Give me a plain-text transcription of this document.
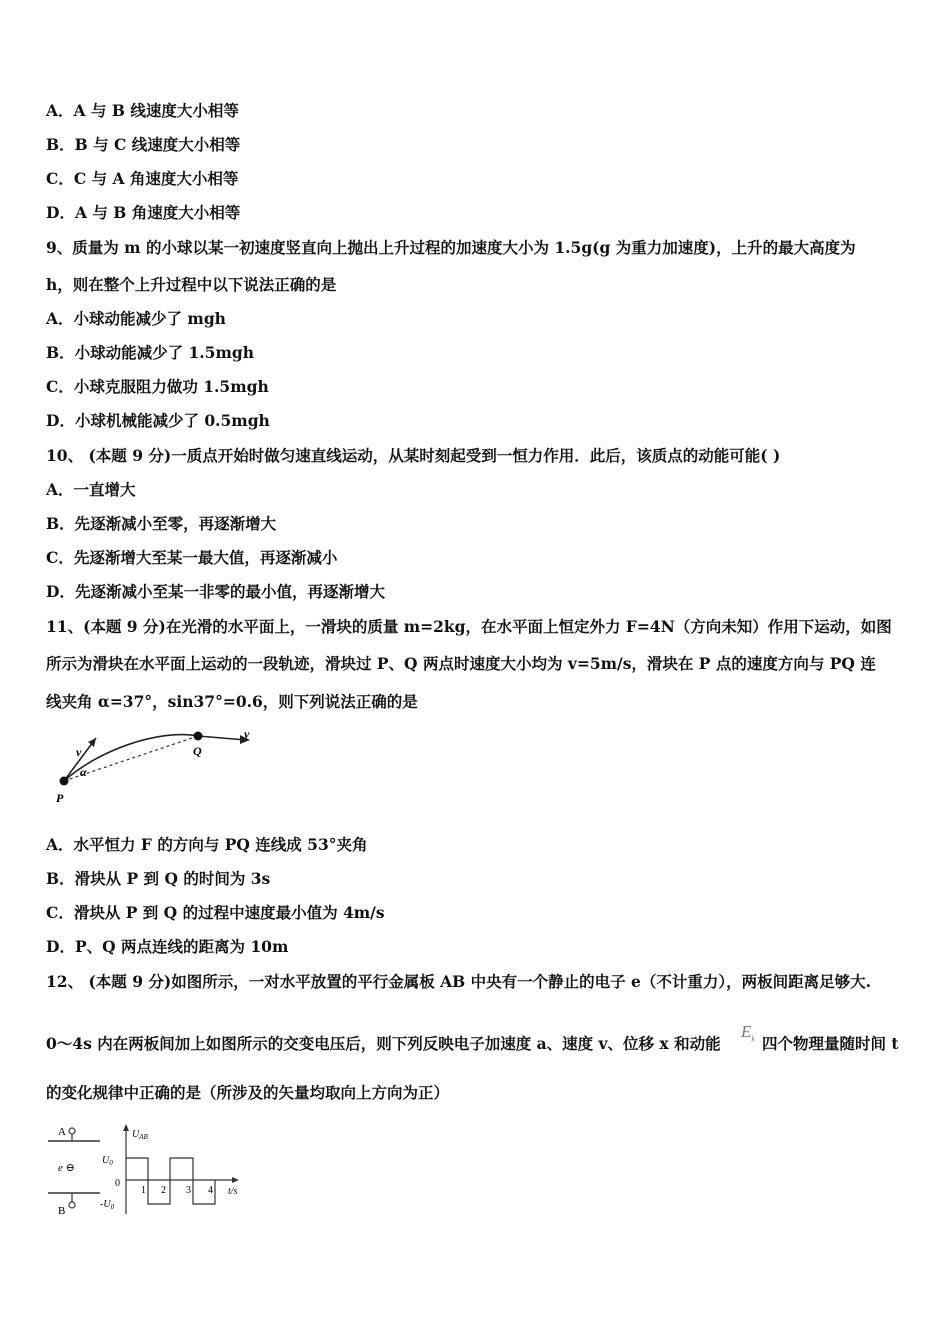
A．A 与 B 线速度大小相等
B．B 与 C 线速度大小相等
C．C 与 A 角速度大小相等
D．A 与 B 角速度大小相等
9、质量为 m 的小球以某一初速度竖直向上抛出上升过程的加速度大小为 1.5g(g 为重力加速度)，上升的最大高度为
h，则在整个上升过程中以下说法正确的是
A．小球动能减少了 mgh
B．小球动能减少了 1.5mgh
C．小球克服阻力做功 1.5mgh
D．小球机械能减少了 0.5mgh
10、 (本题 9 分)一质点开始时做匀速直线运动，从某时刻起受到一恒力作用．此后，该质点的动能可能( )
A．一直增大
B．先逐渐减小至零，再逐渐增大
C．先逐渐增大至某一最大值，再逐渐减小
D．先逐渐减小至某一非零的最小值，再逐渐增大
11、(本题 9 分)在光滑的水平面上，一滑块的质量 m=2kg，在水平面上恒定外力 F=4N（方向未知）作用下运动，如图
所示为滑块在水平面上运动的一段轨迹，滑块过 P、Q 两点时速度大小均为 v=5m/s，滑块在 P 点的速度方向与 PQ 连
线夹角 α=37°，sin37°=0.6，则下列说法正确的是
v
α
Q
v
P
A．水平恒力 F 的方向与 PQ 连线成 53°夹角
B．滑块从 P 到 Q 的时间为 3s
C．滑块从 P 到 Q 的过程中速度最小值为 4m/s
D．P、Q 两点连线的距离为 10m
12、 (本题 9 分)如图所示，一对水平放置的平行金属板 AB 中央有一个静止的电子 e（不计重力），两板间距离足够大.
0～4s 内在两板间加上如图所示的交变电压后，则下列反映电子加速度 a、速度 v、位移 x 和动能
$E_k$ 四个物理量随时间 t
的变化规律中正确的是（所涉及的矢量均取向上方向为正）
A
B
e ⊖
$U_{AB}$
$U_0$
$-U_0$
0
1 2 3 4 t/s
